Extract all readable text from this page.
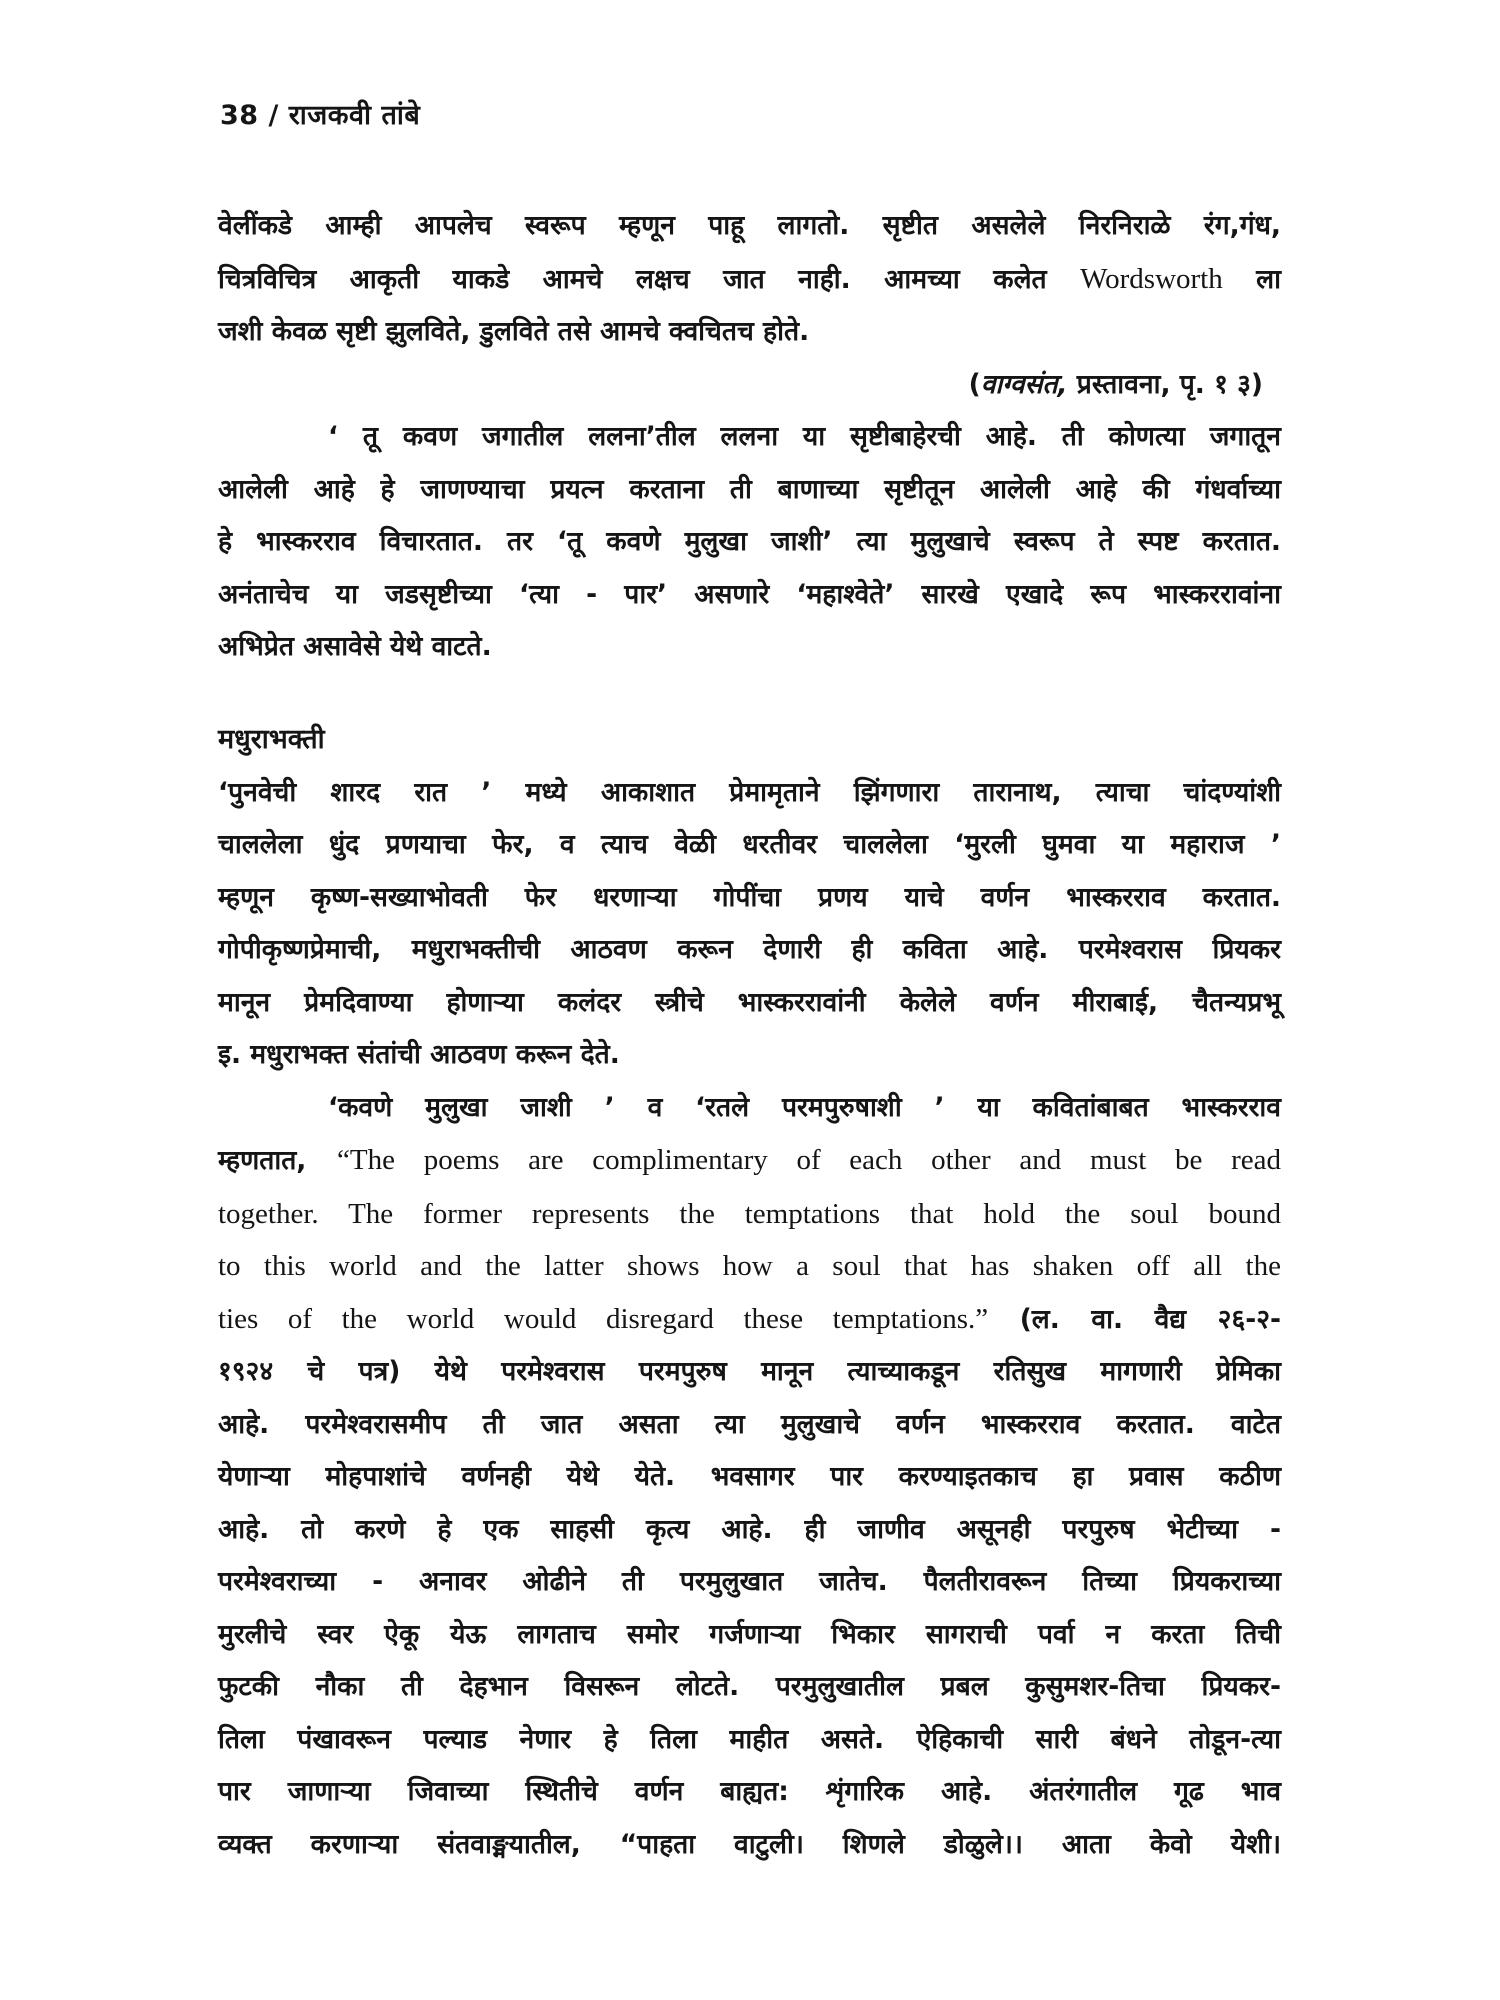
38 / राजकवी तांबे
वेलींकडे आम्ही आपलेच स्वरूप म्हणून पाहू लागतो. सृष्टीत असलेले निरनिराळे रंग,गंध,
चित्रविचित्र आकृती याकडे आमचे लक्षच जात नाही. आमच्या कलेत Wordsworth ला
जशी केवळ सृष्टी झुलविते, डुलविते तसे आमचे क्वचितच होते.
(वाग्वसंत, प्रस्तावना, पृ. १ ३)
‘ तू कवण जगातील ललना’तील ललना या सृष्टीबाहेरची आहे. ती कोणत्या जगातून
आलेली आहे हे जाणण्याचा प्रयत्न करताना ती बाणाच्या सृष्टीतून आलेली आहे की गंधर्वाच्या
हे भास्करराव विचारतात. तर ‘तू कवणे मुलुखा जाशी’ त्या मुलुखाचे स्वरूप ते स्पष्ट करतात.
अनंताचेच या जडसृष्टीच्या ‘त्या - पार’ असणारे ‘महाश्वेते’ सारखे एखादे रूप भास्कररावांना
अभिप्रेत असावेसे येथे वाटते.
मधुराभक्ती
‘पुनवेची शारद रात ’ मध्ये आकाशात प्रेमामृताने झिंगणारा तारानाथ, त्याचा चांदण्यांशी
चाललेला धुंद प्रणयाचा फेर, व त्याच वेळी धरतीवर चाललेला ‘मुरली घुमवा या महाराज ’
म्हणून कृष्ण-सख्याभोवती फेर धरणाऱ्या गोपींचा प्रणय याचे वर्णन भास्करराव करतात.
गोपीकृष्णप्रेमाची, मधुराभक्तीची आठवण करून देणारी ही कविता आहे. परमेश्वरास प्रियकर
मानून प्रेमदिवाण्या होणाऱ्या कलंदर स्त्रीचे भास्कररावांनी केलेले वर्णन मीराबाई, चैतन्यप्रभू
इ. मधुराभक्त संतांची आठवण करून देते.
‘कवणे मुलुखा जाशी ’ व ‘रतले परमपुरुषाशी ’ या कवितांबाबत भास्करराव
म्हणतात, “The poems are complimentary of each other and must be read
together. The former represents the temptations that hold the soul bound
to this world and the latter shows how a soul that has shaken off all the
ties of the world would disregard these temptations.” (ल. वा. वैद्य २६-२-
१९२४ चे पत्र) येथे परमेश्वरास परमपुरुष मानून त्याच्याकडून रतिसुख मागणारी प्रेमिका
आहे. परमेश्वरासमीप ती जात असता त्या मुलुखाचे वर्णन भास्करराव करतात. वाटेत
येणाऱ्या मोहपाशांचे वर्णनही येथे येते. भवसागर पार करण्याइतकाच हा प्रवास कठीण
आहे. तो करणे हे एक साहसी कृत्य आहे. ही जाणीव असूनही परपुरुष भेटीच्या -
परमेश्वराच्या - अनावर ओढीने ती परमुलुखात जातेच. पैलतीरावरून तिच्या प्रियकराच्या
मुरलीचे स्वर ऐकू येऊ लागताच समोर गर्जणाऱ्या भिकार सागराची पर्वा न करता तिची
फुटकी नौका ती देहभान विसरून लोटते. परमुलुखातील प्रबल कुसुमशर-तिचा प्रियकर-
तिला पंखावरून पल्याड नेणार हे तिला माहीत असते. ऐहिकाची सारी बंधने तोडून-त्या
पार जाणाऱ्या जिवाच्या स्थितीचे वर्णन बाह्यत: शृंगारिक आहे. अंतरंगातील गूढ भाव
व्यक्त करणाऱ्या संतवाङ्मयातील, “पाहता वाटुली। शिणले डोळुले।। आता केवो येशी।
